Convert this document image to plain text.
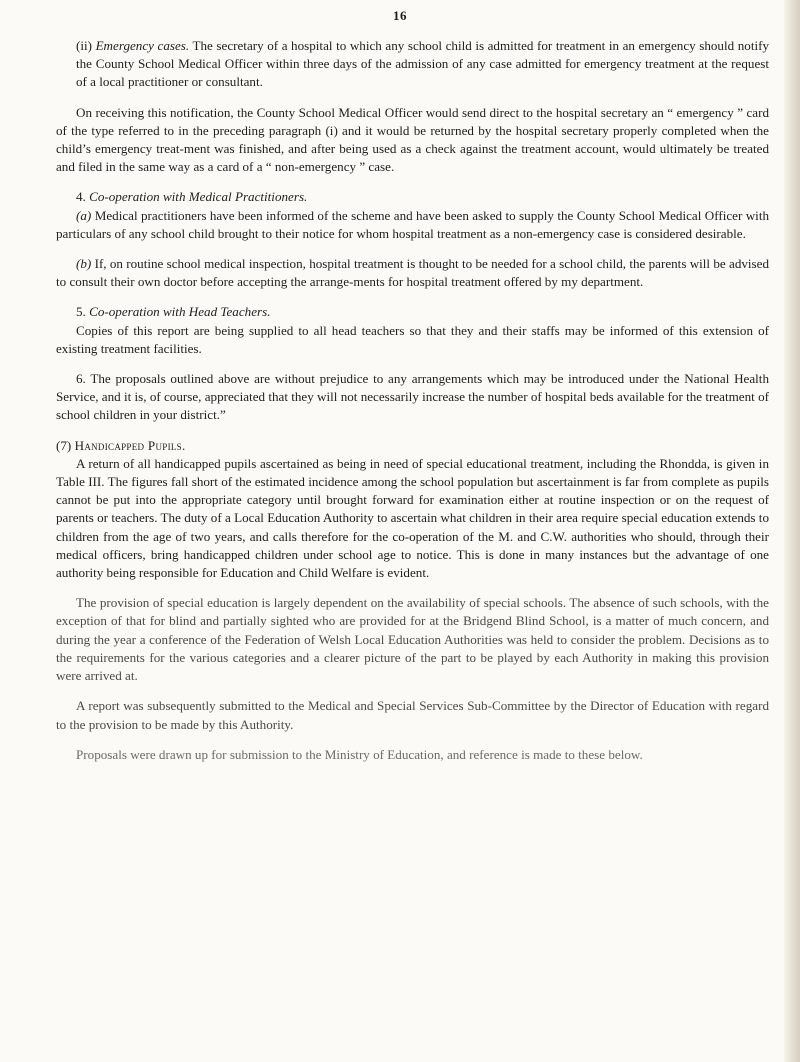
16

(ii) Emergency cases. The secretary of a hospital to which any school child is admitted for treatment in an emergency should notify the County School Medical Officer within three days of the admission of any case admitted for emergency treatment at the request of a local practitioner or consultant.

On receiving this notification, the County School Medical Officer would send direct to the hospital secretary an “ emergency ” card of the type referred to in the preceding paragraph (i) and it would be returned by the hospital secretary properly completed when the child’s emergency treat-ment was finished, and after being used as a check against the treatment account, would ultimately be treated and filed in the same way as a card of a “ non-emergency ” case.

4. Co-operation with Medical Practitioners.

(a) Medical practitioners have been informed of the scheme and have been asked to supply the County School Medical Officer with particulars of any school child brought to their notice for whom hospital treatment as a non-emergency case is considered desirable.

(b) If, on routine school medical inspection, hospital treatment is thought to be needed for a school child, the parents will be advised to consult their own doctor before accepting the arrange-ments for hospital treatment offered by my department.

5. Co-operation with Head Teachers.

Copies of this report are being supplied to all head teachers so that they and their staffs may be informed of this extension of existing treatment facilities.

6. The proposals outlined above are without prejudice to any arrangements which may be introduced under the National Health Service, and it is, of course, appreciated that they will not necessarily increase the number of hospital beds available for the treatment of school children in your district.”

(7) Handicapped Pupils.

A return of all handicapped pupils ascertained as being in need of special educational treatment, including the Rhondda, is given in Table III. The figures fall short of the estimated incidence among the school population but ascertainment is far from complete as pupils cannot be put into the appropriate category until brought forward for examination either at routine inspection or on the request of parents or teachers. The duty of a Local Education Authority to ascertain what children in their area require special education extends to children from the age of two years, and calls therefore for the co-operation of the M. and C.W. authorities who should, through their medical officers, bring handicapped children under school age to notice. This is done in many instances but the advantage of one authority being responsible for Education and Child Welfare is evident.

The provision of special education is largely dependent on the availability of special schools. The absence of such schools, with the exception of that for blind and partially sighted who are provided for at the Bridgend Blind School, is a matter of much concern, and during the year a conference of the Federation of Welsh Local Education Authorities was held to consider the problem. Decisions as to the requirements for the various categories and a clearer picture of the part to be played by each Authority in making this provision were arrived at.

A report was subsequently submitted to the Medical and Special Services Sub-Committee by the Director of Education with regard to the provision to be made by this Authority.

Proposals were drawn up for submission to the Ministry of Education, and reference is made to these below.
